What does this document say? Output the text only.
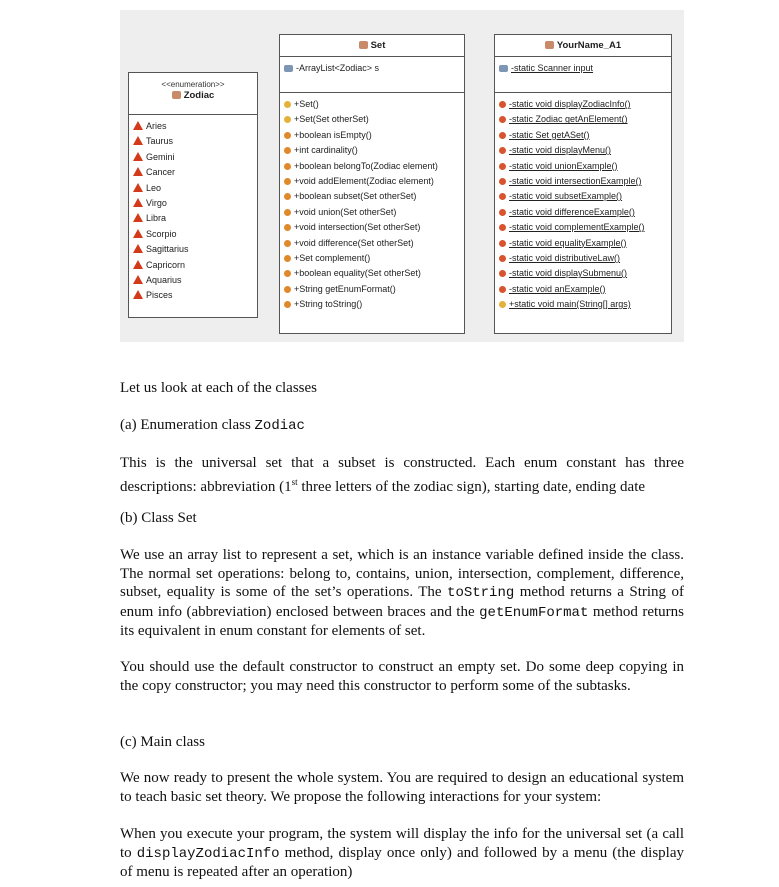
<<enumeration>>
Zodiac
Aries
Taurus
Gemini
Cancer
Leo
Virgo
Libra
Scorpio
Sagittarius
Capricorn
Aquarius
Pisces
Set
-ArrayList<Zodiac> s
+Set()
+Set(Set otherSet)
+boolean isEmpty()
+int cardinality()
+boolean belongTo(Zodiac element)
+void addElement(Zodiac element)
+boolean subset(Set otherSet)
+void union(Set otherSet)
+void intersection(Set otherSet)
+void difference(Set otherSet)
+Set complement()
+boolean equality(Set otherSet)
+String getEnumFormat()
+String toString()
YourName_A1
-static Scanner input
-static void displayZodiacInfo()
-static Zodiac getAnElement()
-static Set getASet()
-static void displayMenu()
-static void unionExample()
-static void intersectionExample()
-static void subsetExample()
-static void differenceExample()
-static void complementExample()
-static void equalityExample()
-static void distributiveLaw()
-static void displaySubmenu()
-static void anExample()
+static void main(String[] args)
Let us look at each of the classes
(a) Enumeration class Zodiac
This is the universal set that a subset is constructed. Each enum constant has three descriptions: abbreviation (1st three letters of the zodiac sign), starting date, ending date
(b) Class Set
We use an array list to represent a set, which is an instance variable defined inside the class. The normal set operations: belong to, contains, union, intersection, complement, difference, subset, equality is some of the set’s operations. The toString method returns a String of enum info (abbreviation) enclosed between braces and the getEnumFormat method returns its equivalent in enum constant for elements of set.
You should use the default constructor to construct an empty set. Do some deep copying in the copy constructor; you may need this constructor to perform some of the subtasks.
(c) Main class
We now ready to present the whole system. You are required to design an educational system to teach basic set theory. We propose the following interactions for your system:
When you execute your program, the system will display the info for the universal set (a call to displayZodiacInfo method, display once only) and followed by a menu (the display of menu is repeated after an operation)
